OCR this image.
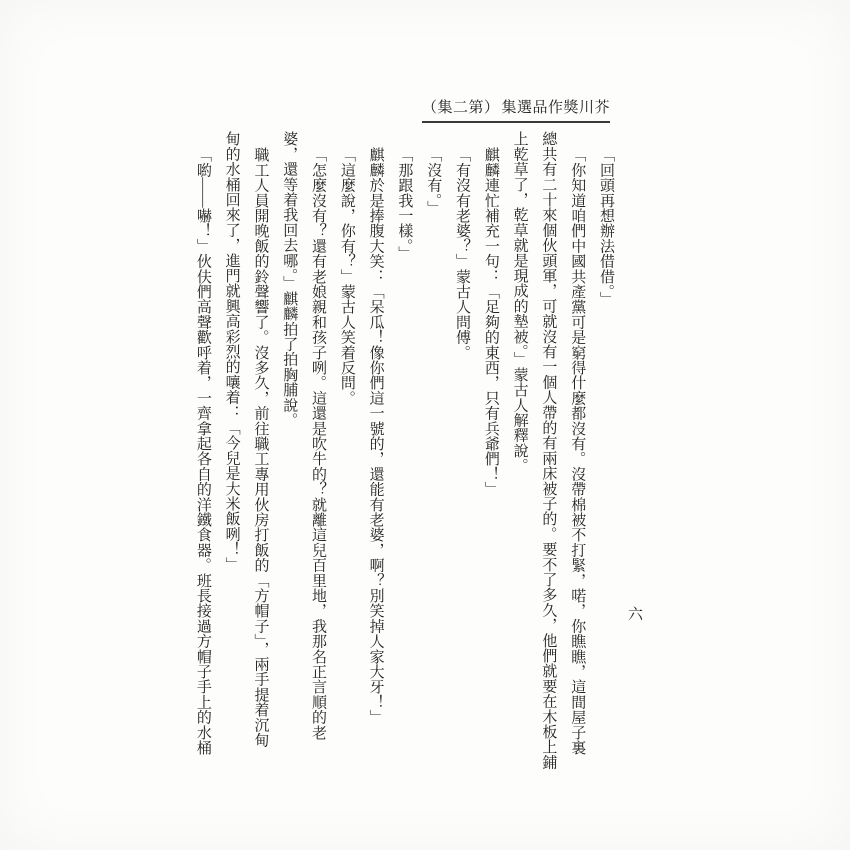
（集二第） 集選品作獎川芥
「回頭再想辦法借借。」
「你知道咱們中國共產黨可是窮得什麼都沒有。沒帶棉被不打緊，喏，你瞧瞧，這間屋子裏
總共有二十來個伙頭軍，可就沒有一個人帶的有兩床被子的。要不了多久，他們就要在木板上鋪
上乾草了，乾草就是現成的墊被。」蒙古人解釋說。
麒麟連忙補充一句：「足夠的東西，只有兵爺們！」
「有沒有老婆？」蒙古人問傅。
「沒有。」
「那跟我一樣。」
麒麟於是捧腹大笑：「呆瓜！像你們這一號的，還能有老婆，啊？別笑掉人家大牙！」
「這麼說，你有？」蒙古人笑着反問。
「怎麼沒有？還有老娘親和孩子咧。這還是吹牛的？就離這兒百里地，我那名正言順的老
婆，還等着我回去哪。」麒麟拍了拍胸脯說。
職工人員開晚飯的鈴聲響了。沒多久，前往職工專用伙房打飯的「方帽子」，兩手提着沉甸
甸的水桶回來了，進門就興高彩烈的嚷着：「今兒是大米飯咧！」
「喲——嚇！」伙伕們高聲歡呼着，一齊拿起各自的洋鐵食器。班長接過方帽子手上的水桶	六
